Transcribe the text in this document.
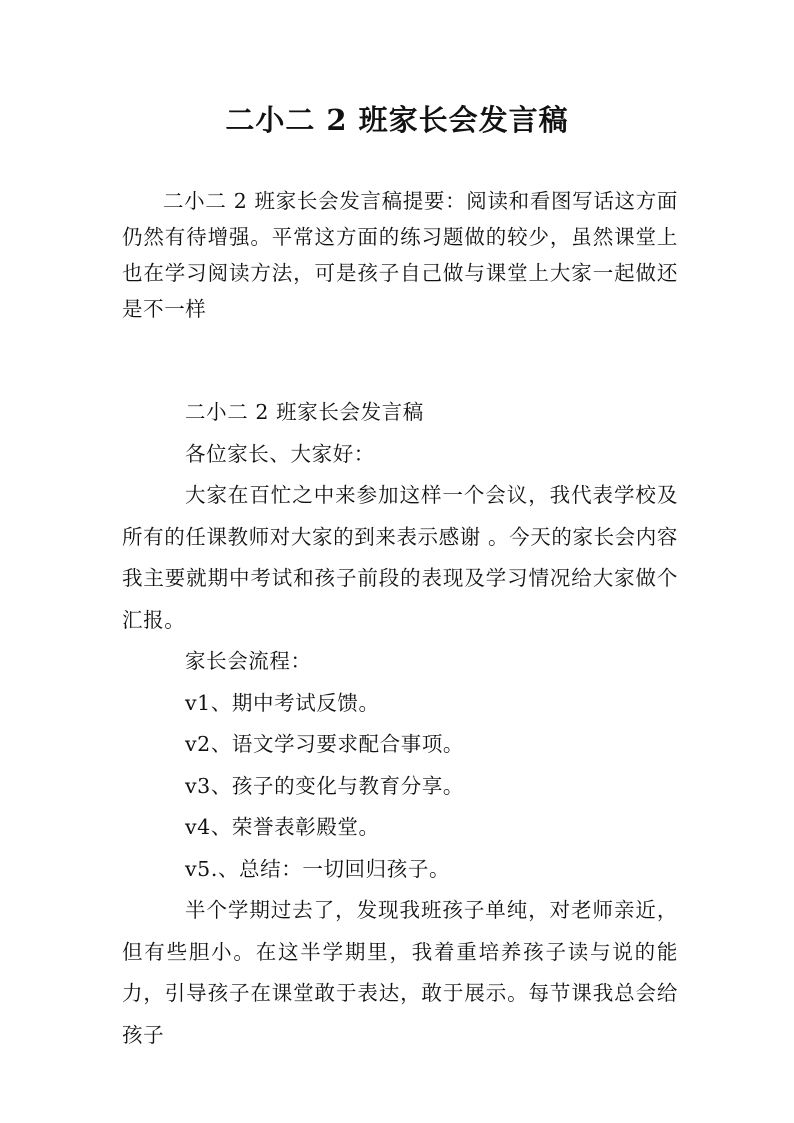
二小二 2 班家长会发言稿
二小二 2 班家长会发言稿提要：阅读和看图写话这方面仍然有待增强。平常这方面的练习题做的较少，虽然课堂上也在学习阅读方法，可是孩子自己做与课堂上大家一起做还是不一样

二小二 2 班家长会发言稿

各位家长、大家好：

大家在百忙之中来参加这样一个会议，我代表学校及所有的任课教师对大家的到来表示感谢 。今天的家长会内容我主要就期中考试和孩子前段的表现及学习情况给大家做个汇报。

家长会流程：

v1、期中考试反馈。

v2、语文学习要求配合事项。

v3、孩子的变化与教育分享。

v4、荣誉表彰殿堂。

v5.、总结：一切回归孩子。

半个学期过去了，发现我班孩子单纯，对老师亲近，但有些胆小。在这半学期里，我着重培养孩子读与说的能力，引导孩子在课堂敢于表达，敢于展示。每节课我总会给孩子
